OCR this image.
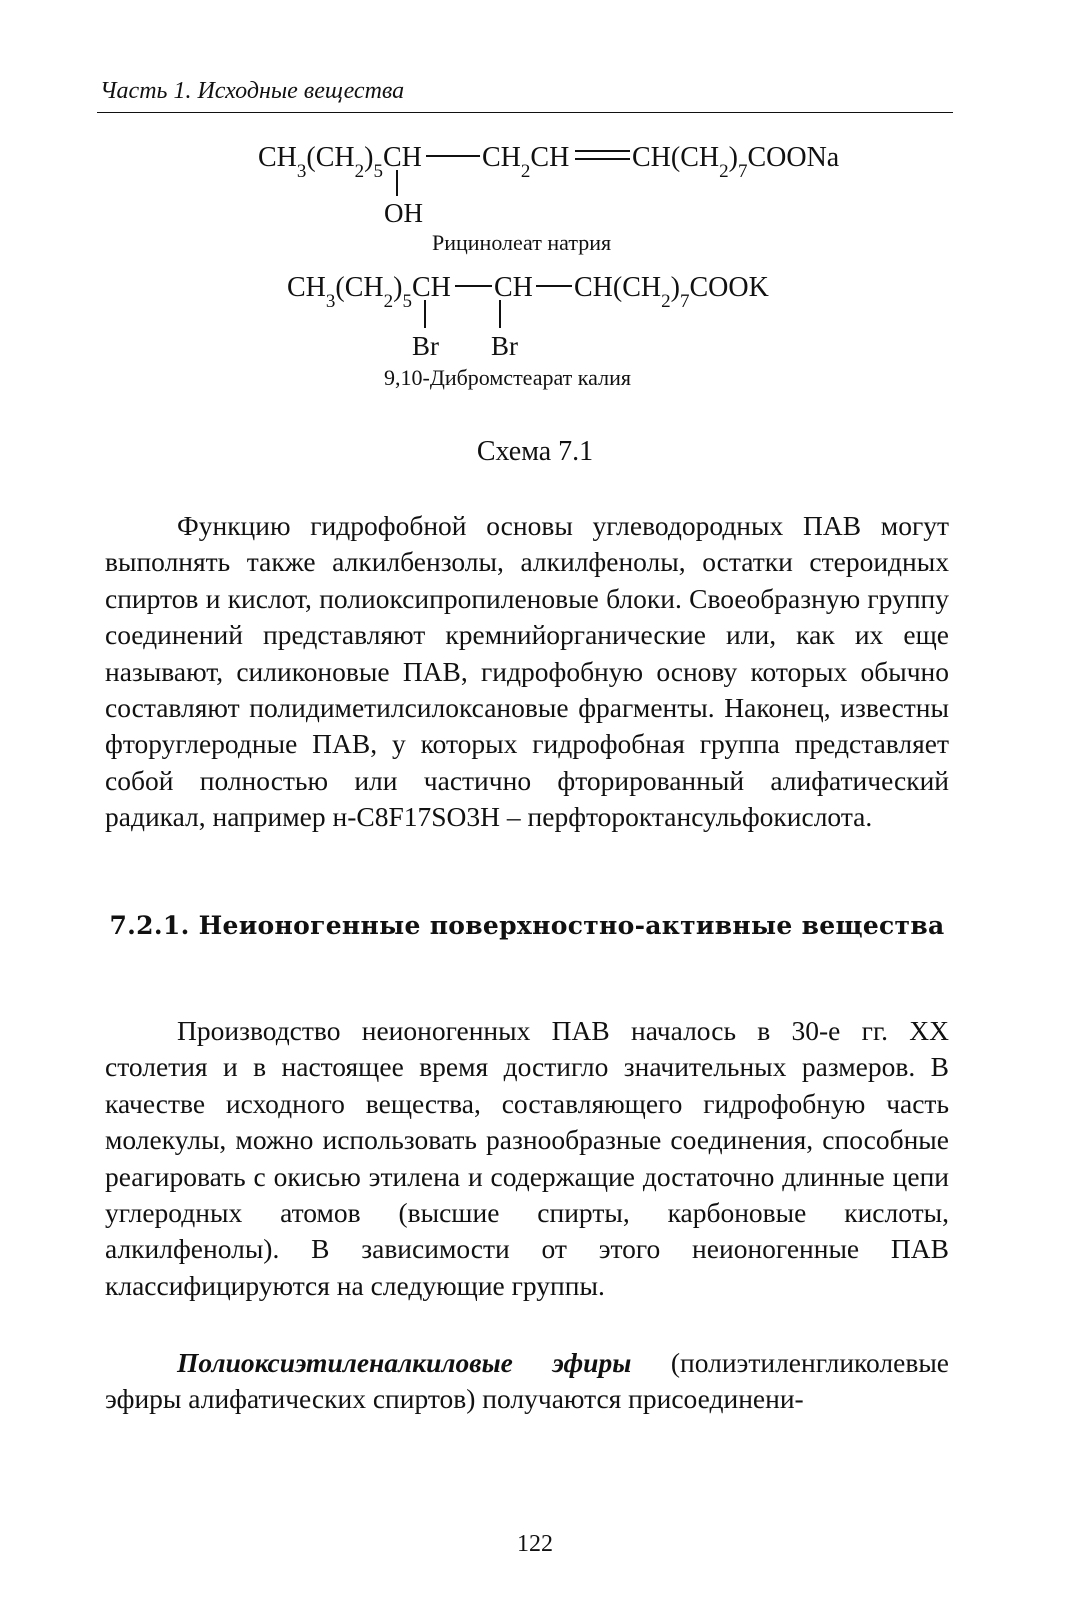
Часть 1. Исходные вещества
$CH_3(CH_2)_5CH$ $CH_2CH$ $CH(CH_2)_7COONa$
OH
Рицинолеат натрия
$CH_3(CH_2)_5CH$ CH $CH(CH_2)_7COOK$
Br Br
9,10-Дибромстеарат калия
Схема 7.1

Функцию гидрофобной основы углеводородных ПАВ могут выполнять также алкилбензолы, алкилфенолы, остатки стероидных спиртов и кислот, полиоксипропиленовые блоки. Своеобразную группу соединений представляют кремнийорганические или, как их еще называют, силиконовые ПАВ, гидрофобную основу которых обычно составляют полидиметилсилоксановые фрагменты. Наконец, известны фторуглеродные ПАВ, у которых гидрофобная группа представляет собой полностью или частично фторированный алифатический радикал, например н-C8F17SO3H – перфтороктансульфокислота.

7.2.1. Неионогенные поверхностно-активные вещества

Производство неионогенных ПАВ началось в 30-е гг. XX столетия и в настоящее время достигло значительных размеров. В качестве исходного вещества, составляющего гидрофобную часть молекулы, можно использовать разнообразные соединения, способные реагировать с окисью этилена и содержащие достаточно длинные цепи углеродных атомов (высшие спирты, карбоновые кислоты, алкилфенолы). В зависимости от этого неионогенные ПАВ классифицируются на следующие группы.

Полиоксиэтиленалкиловые эфиры (полиэтиленгликолевые эфиры алифатических спиртов) получаются присоединени-

122
